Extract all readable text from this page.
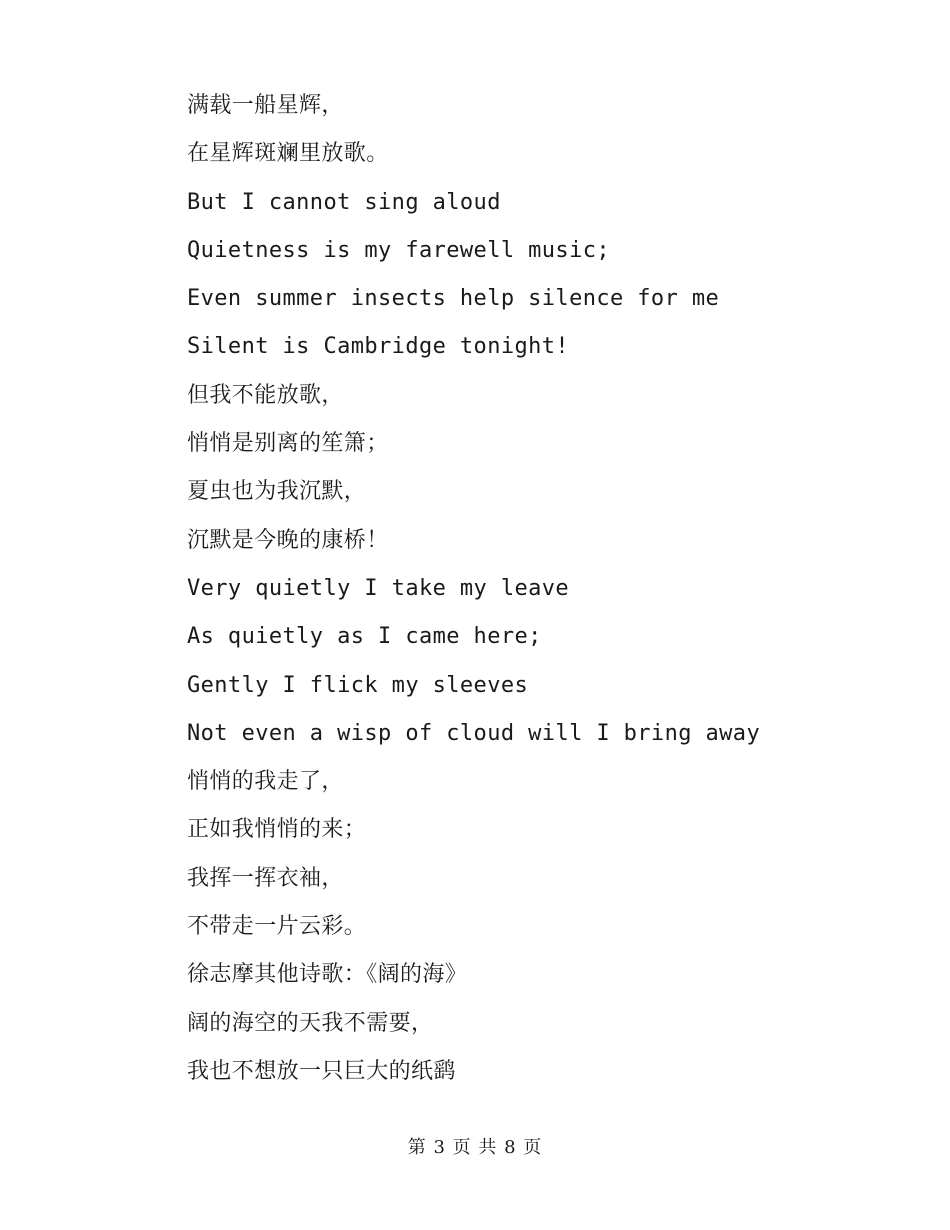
满载一船星辉，
在星辉斑斓里放歌。
But I cannot sing aloud
Quietness is my farewell music;
Even summer insects help silence for me
Silent is Cambridge tonight!
但我不能放歌，
悄悄是别离的笙箫；
夏虫也为我沉默，
沉默是今晚的康桥！
Very quietly I take my leave
As quietly as I came here;
Gently I flick my sleeves
Not even a wisp of cloud will I bring away
悄悄的我走了，
正如我悄悄的来；
我挥一挥衣袖，
不带走一片云彩。
徐志摩其他诗歌：《阔的海》
阔的海空的天我不需要，
我也不想放一只巨大的纸鹞
第 3 页 共 8 页
